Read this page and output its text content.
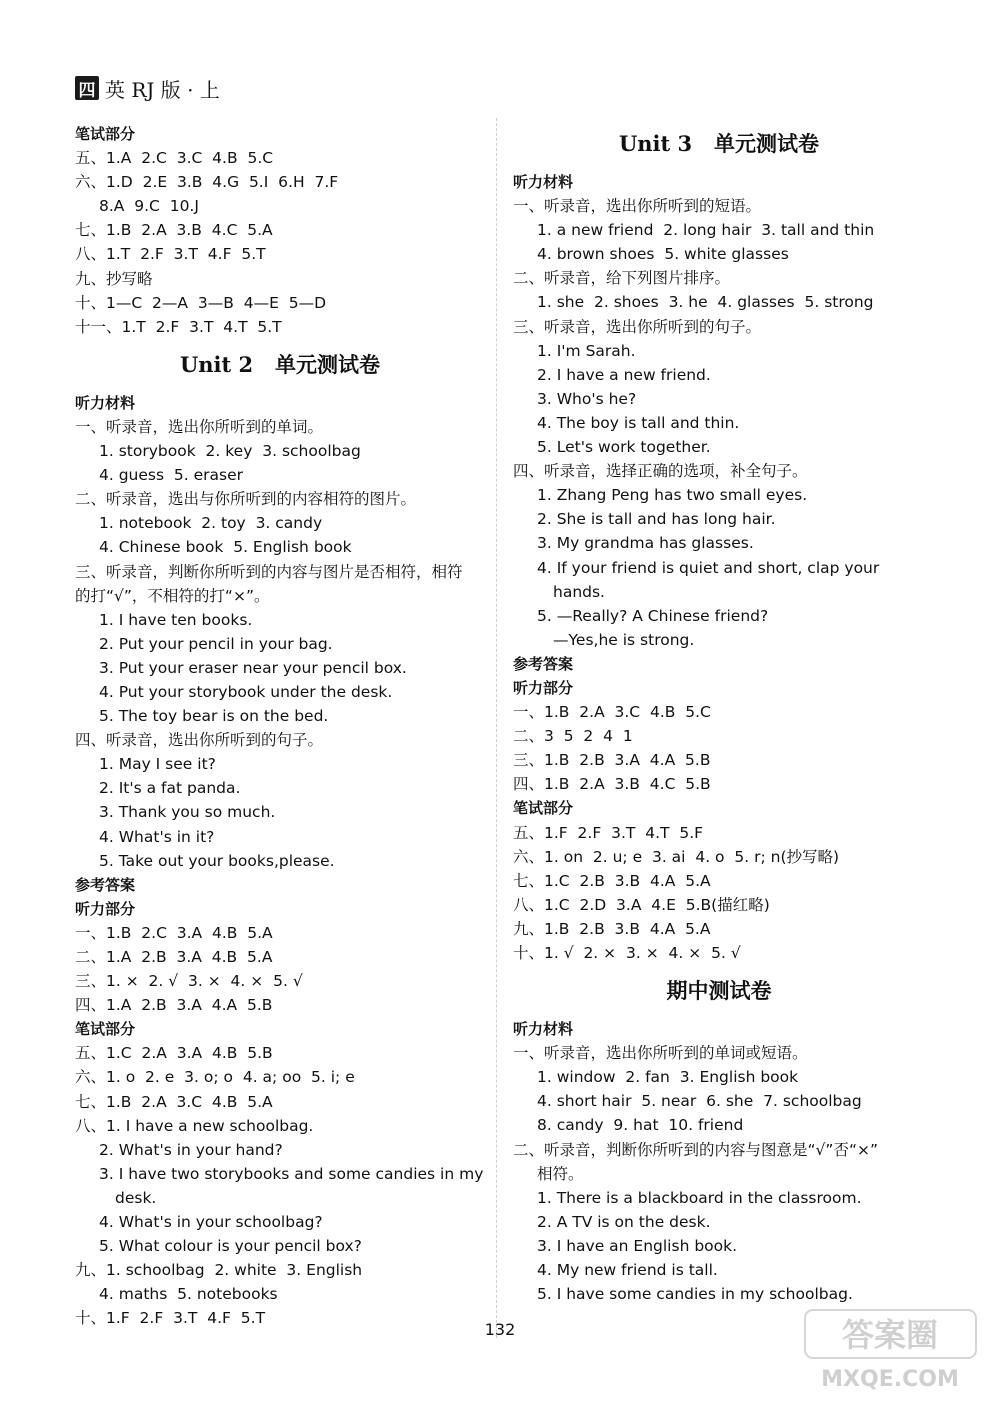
四 英 RJ 版 · 上
笔试部分
五、1.A  2.C  3.C  4.B  5.C
六、1.D  2.E  3.B  4.G  5.I  6.H  7.F
8.A  9.C  10.J
七、1.B  2.A  3.B  4.C  5.A
八、1.T  2.F  3.T  4.F  5.T
九、抄写略
十、1—C  2—A  3—B  4—E  5—D
十一、1.T  2.F  3.T  4.T  5.T
Unit 2   单元测试卷
听力材料
一、听录音，选出你所听到的单词。
1. storybook  2. key  3. schoolbag
4. guess  5. eraser
二、听录音，选出与你所听到的内容相符的图片。
1. notebook  2. toy  3. candy
4. Chinese book  5. English book
三、听录音，判断你所听到的内容与图片是否相符，相符
的打“√”，不相符的打“×”。
1. I have ten books.
2. Put your pencil in your bag.
3. Put your eraser near your pencil box.
4. Put your storybook under the desk.
5. The toy bear is on the bed.
四、听录音，选出你所听到的句子。
1. May I see it?
2. It's a fat panda.
3. Thank you so much.
4. What's in it?
5. Take out your books,please.
参考答案
听力部分
一、1.B  2.C  3.A  4.B  5.A
二、1.A  2.B  3.A  4.B  5.A
三、1. ×  2. √  3. ×  4. ×  5. √
四、1.A  2.B  3.A  4.A  5.B
笔试部分
五、1.C  2.A  3.A  4.B  5.B
六、1. o  2. e  3. o; o  4. a; oo  5. i; e
七、1.B  2.A  3.C  4.B  5.A
八、1. I have a new schoolbag.
2. What's in your hand?
3. I have two storybooks and some candies in my
desk.
4. What's in your schoolbag?
5. What colour is your pencil box?
九、1. schoolbag  2. white  3. English
4. maths  5. notebooks
十、1.F  2.F  3.T  4.F  5.T
Unit 3   单元测试卷
听力材料
一、听录音，选出你所听到的短语。
1. a new friend  2. long hair  3. tall and thin
4. brown shoes  5. white glasses
二、听录音，给下列图片排序。
1. she  2. shoes  3. he  4. glasses  5. strong
三、听录音，选出你所听到的句子。
1. I'm Sarah.
2. I have a new friend.
3. Who's he?
4. The boy is tall and thin.
5. Let's work together.
四、听录音，选择正确的选项，补全句子。
1. Zhang Peng has two small eyes.
2. She is tall and has long hair.
3. My grandma has glasses.
4. If your friend is quiet and short, clap your
hands.
5. —Really? A Chinese friend?
—Yes,he is strong.
参考答案
听力部分
一、1.B  2.A  3.C  4.B  5.C
二、3  5  2  4  1
三、1.B  2.B  3.A  4.A  5.B
四、1.B  2.A  3.B  4.C  5.B
笔试部分
五、1.F  2.F  3.T  4.T  5.F
六、1. on  2. u; e  3. ai  4. o  5. r; n(抄写略)
七、1.C  2.B  3.B  4.A  5.A
八、1.C  2.D  3.A  4.E  5.B(描红略)
九、1.B  2.B  3.B  4.A  5.A
十、1. √  2. ×  3. ×  4. ×  5. √
期中测试卷
听力材料
一、听录音，选出你所听到的单词或短语。
1. window  2. fan  3. English book
4. short hair  5. near  6. she  7. schoolbag
8. candy  9. hat  10. friend
二、听录音，判断你所听到的内容与图意是“√”否“×”
相符。
1. There is a blackboard in the classroom.
2. A TV is on the desk.
3. I have an English book.
4. My new friend is tall.
5. I have some candies in my schoolbag.
132	答案圈
MXQE.COM
